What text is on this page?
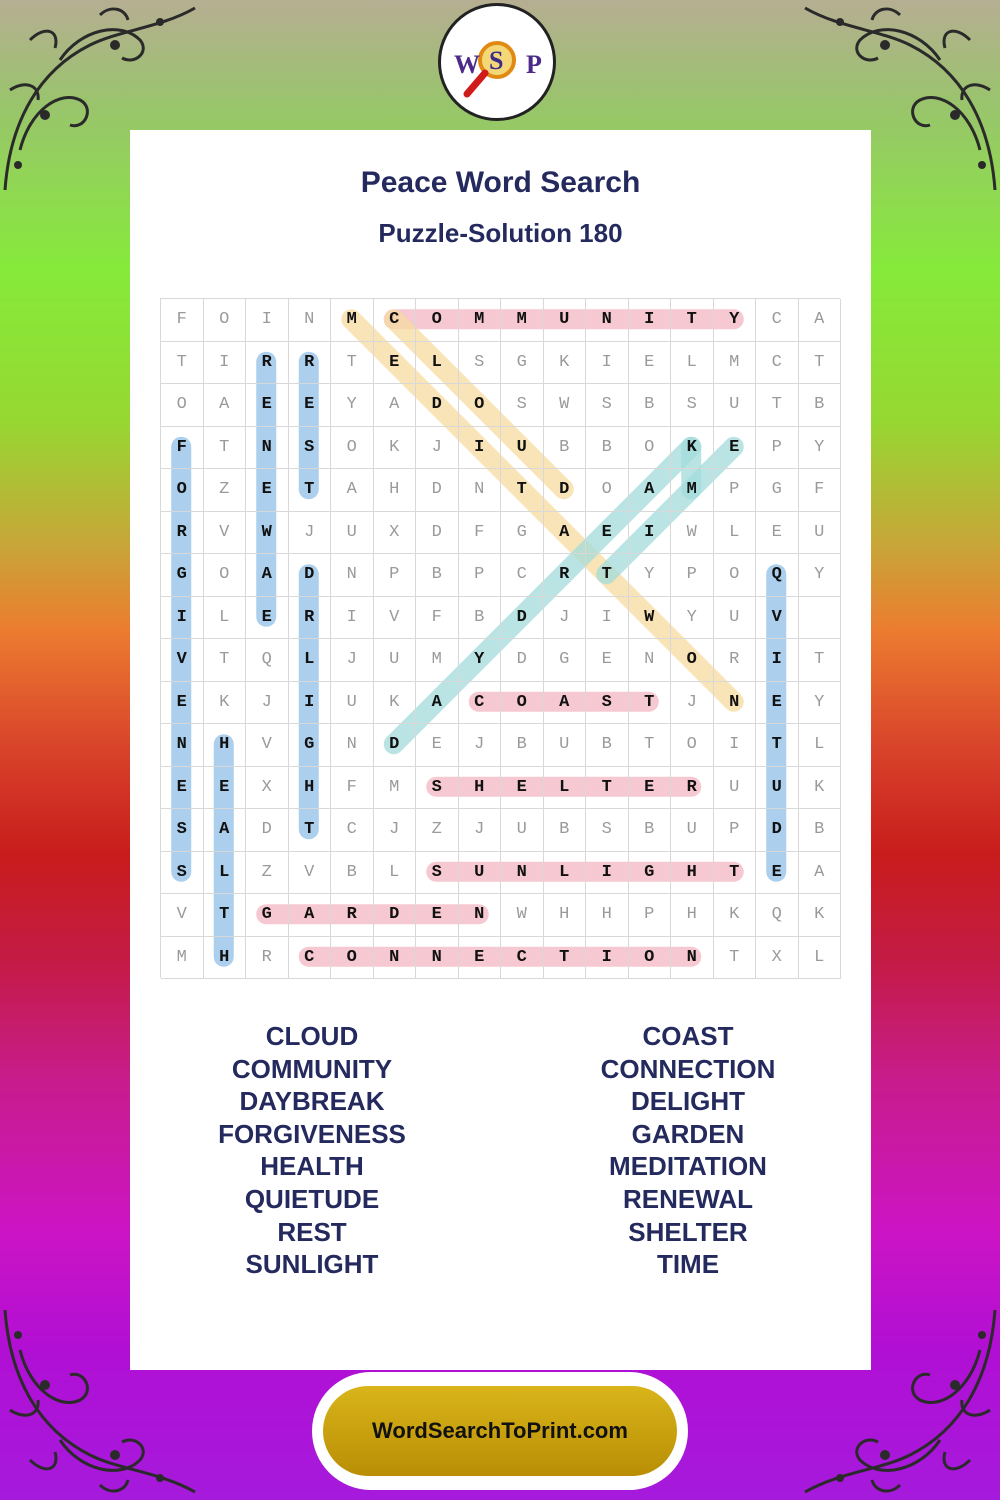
W S P
Peace Word Search
Puzzle-Solution 180
F	O	I	N	M	C	O	M	M	U	N	I	T	Y	C	A
T	I	R	R	T	E	L	S	G	K	I	E	L	M	C	T
O	A	E	E	Y	A	D	O	S	W	S	B	S	U	T	B
F	T	N	S	O	K	J	I	U	B	B	O	K	E	P	Y
O	Z	E	T	A	H	D	N	T	D	O	A	M	P	G	F
R	V	W	J	U	X	D	F	G	A	E	I	W	L	E	U
G	O	A	D	N	P	B	P	C	R	T	Y	P	O	Q	Y
I	L	E	R	I	V	F	B	D	J	I	W	Y	U	V
V	T	Q	L	J	U	M	Y	D	G	E	N	O	R	I	T
E	K	J	I	U	K	A	C	O	A	S	T	J	N	E	Y
N	H	V	G	N	D	E	J	B	U	B	T	O	I	T	L
E	E	X	H	F	M	S	H	E	L	T	E	R	U	U	K
S	A	D	T	C	J	Z	J	U	B	S	B	U	P	D	B
S	L	Z	V	B	L	S	U	N	L	I	G	H	T	E	A
V	T	G	A	R	D	E	N	W	H	H	P	H	K	Q	K
M	H	R	C	O	N	N	E	C	T	I	O	N	T	X	L
CLOUD
COMMUNITY
DAYBREAK
FORGIVENESS
HEALTH
QUIETUDE
REST
SUNLIGHT
COAST
CONNECTION
DELIGHT
GARDEN
MEDITATION
RENEWAL
SHELTER
TIME
WordSearchToPrint.com
